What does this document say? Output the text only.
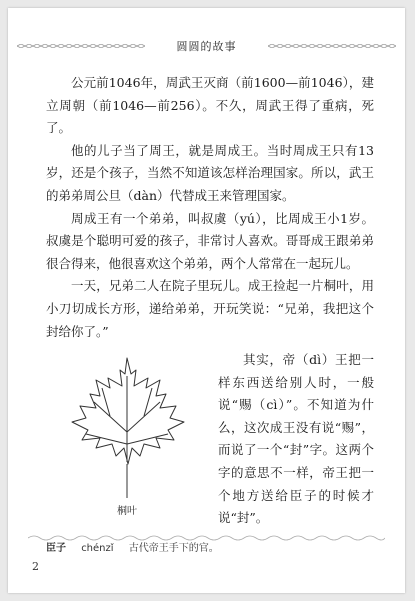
圆圆的故事

公元前1046年，周武王灭商（前1600—前1046），建立周朝（前1046—前256）。不久，周武王得了重病，死了。

他的儿子当了周王，就是周成王。当时周成王只有13岁，还是个孩子，当然不知道该怎样治理国家。所以，武王的弟弟周公旦（dàn）代替成王来管理国家。

周成王有一个弟弟，叫叔虞（yú），比周成王小1岁。叔虞是个聪明可爱的孩子，非常讨人喜欢。哥哥成王跟弟弟很合得来，他很喜欢这个弟弟，两个人常常在一起玩儿。

一天，兄弟二人在院子里玩儿。成王捡起一片桐叶，用小刀切成长方形，递给弟弟，开玩笑说：“兄弟，我把这个封给你了。”

桐叶

其实，帝（dì）王把一样东西送给别人时，一般说“赐（cì）”。不知道为什么，这次成王没有说“赐”，而说了一个“封”字。这两个字的意思不一样，帝王把一个地方送给臣子的时候才说“封”。

臣子 chénzǐ 古代帝王手下的官。
2
